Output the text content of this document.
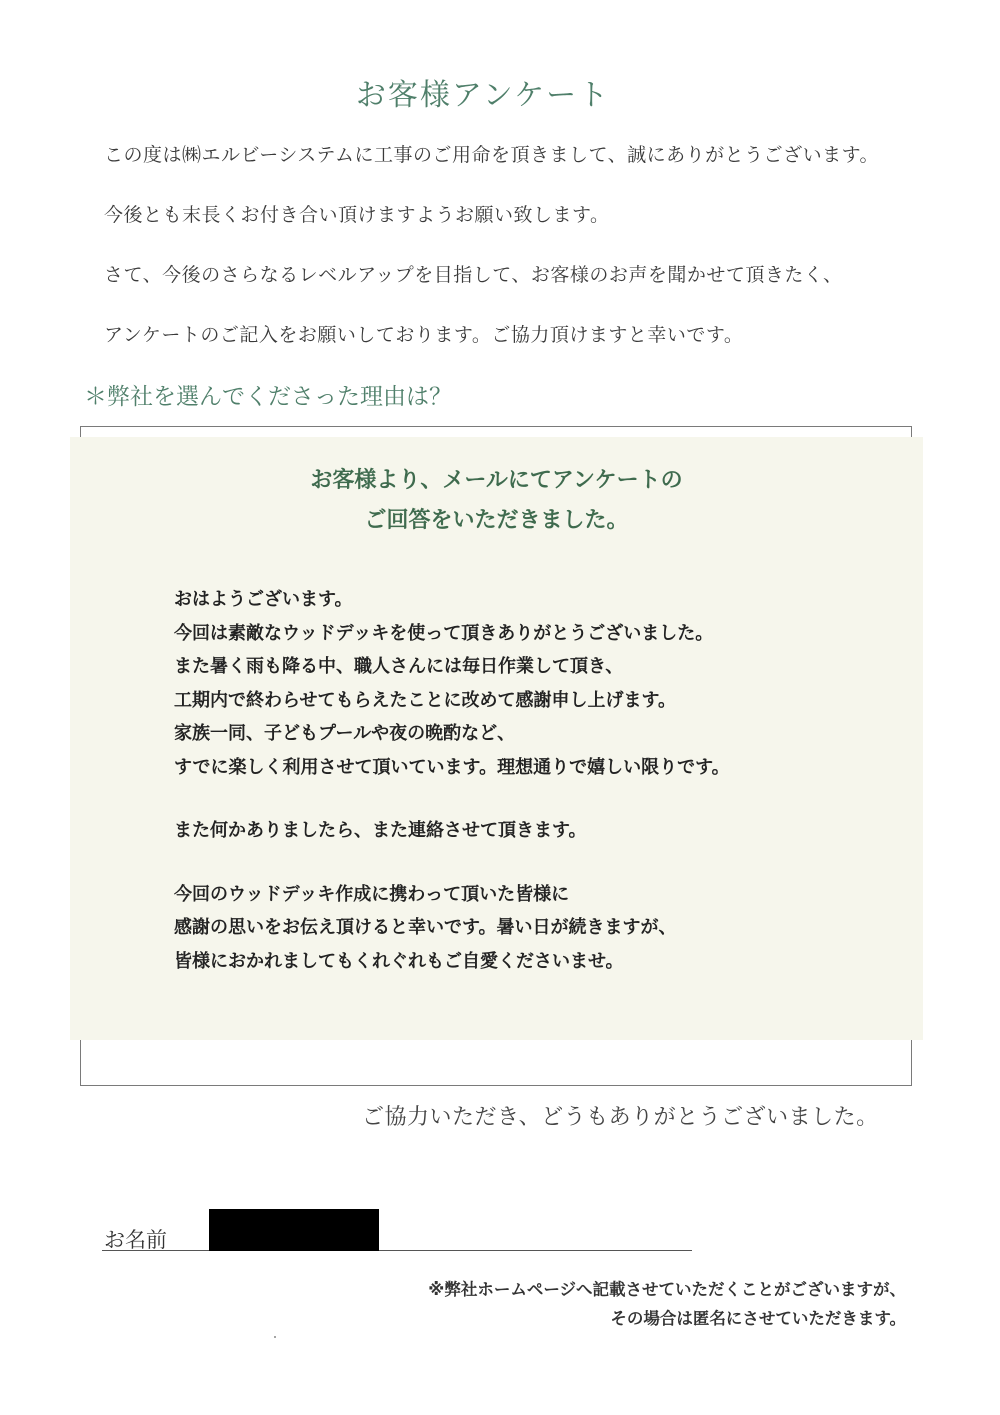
お客様アンケート
この度は㈱エルビーシステムに工事のご用命を頂きまして、誠にありがとうございます。
今後とも末長くお付き合い頂けますようお願い致します。
さて、今後のさらなるレベルアップを目指して、お客様のお声を聞かせて頂きたく、
アンケートのご記入をお願いしております。ご協力頂けますと幸いです。
＊弊社を選んでくださった理由は？
お客様より、メールにてアンケートの
ご回答をいただきました。

おはようございます。

今回は素敵なウッドデッキを使って頂きありがとうございました。

また暑く雨も降る中、職人さんには毎日作業して頂き、

工期内で終わらせてもらえたことに改めて感謝申し上げます。

家族一同、子どもプールや夜の晩酌など、

すでに楽しく利用させて頂いています。理想通りで嬉しい限りです。

また何かありましたら、また連絡させて頂きます。

今回のウッドデッキ作成に携わって頂いた皆様に

感謝の思いをお伝え頂けると幸いです。暑い日が続きますが、

皆様におかれましてもくれぐれもご自愛くださいませ。

ご協力いただき、どうもありがとうございました。
お名前
※弊社ホームページへ記載させていただくことがございますが、
その場合は匿名にさせていただきます。
